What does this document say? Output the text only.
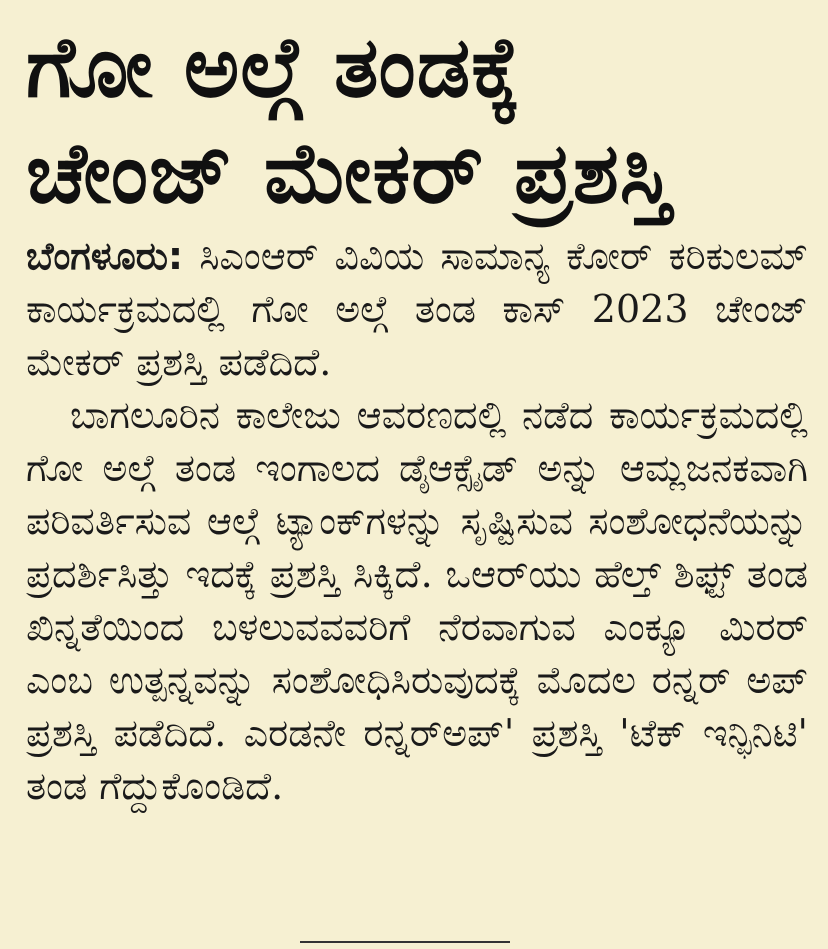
ಗೋ ಅಲ್ಗೆ ತಂಡಕ್ಕೆ
ಚೇಂಜ್ ಮೇಕರ್ ಪ್ರಶಸ್ತಿ

ಬೆಂಗಳೂರು: ಸಿಎಂಆರ್ ವಿವಿಯ ಸಾಮಾನ್ಯ ಕೋರ್ ಕರಿಕುಲಮ್ ಕಾರ್ಯಕ್ರಮದಲ್ಲಿ ಗೋ ಅಲ್ಗೆ ತಂಡ ಕಾಸ್ 2023 ಚೇಂಜ್ ಮೇಕರ್ ಪ್ರಶಸ್ತಿ ಪಡೆದಿದೆ.

ಬಾಗಲೂರಿನ ಕಾಲೇಜು ಆವರಣದಲ್ಲಿ ನಡೆದ ಕಾರ್ಯಕ್ರಮದಲ್ಲಿ ಗೋ ಅಲ್ಗೆ ತಂಡ ಇಂಗಾಲದ ಡೈಆಕ್ಸೈಡ್ ಅನ್ನು ಆಮ್ಲಜನಕವಾಗಿ ಪರಿವರ್ತಿಸುವ ಆಲ್ಗೆ ಟ್ಯಾಂಕ್‌ಗಳನ್ನು ಸೃಷ್ಟಿಸುವ ಸಂಶೋಧನೆಯನ್ನು ಪ್ರದರ್ಶಿಸಿತ್ತು ಇದಕ್ಕೆ ಪ್ರಶಸ್ತಿ ಸಿಕ್ಕಿದೆ. ಒಆರ್‌ಯು ಹೆಲ್ತ್ ಶಿಫ್ಟ್ ತಂಡ ಖಿನ್ನತೆಯಿಂದ ಬಳಲುವವವರಿಗೆ ನೆರವಾಗುವ ಎಂಕ್ಯೂ ಮಿರರ್ ಎಂಬ ಉತ್ಪನ್ನವನ್ನು ಸಂಶೋಧಿಸಿರುವುದಕ್ಕೆ ಮೊದಲ ರನ್ನರ್ ಅಪ್ ಪ್ರಶಸ್ತಿ ಪಡೆದಿದೆ. ಎರಡನೇ ರನ್ನರ್‌ಅಪ್' ಪ್ರಶಸ್ತಿ 'ಟೆಕ್ ಇನ್ಫಿನಿಟಿ' ತಂಡ ಗೆದ್ದುಕೊಂಡಿದೆ.
